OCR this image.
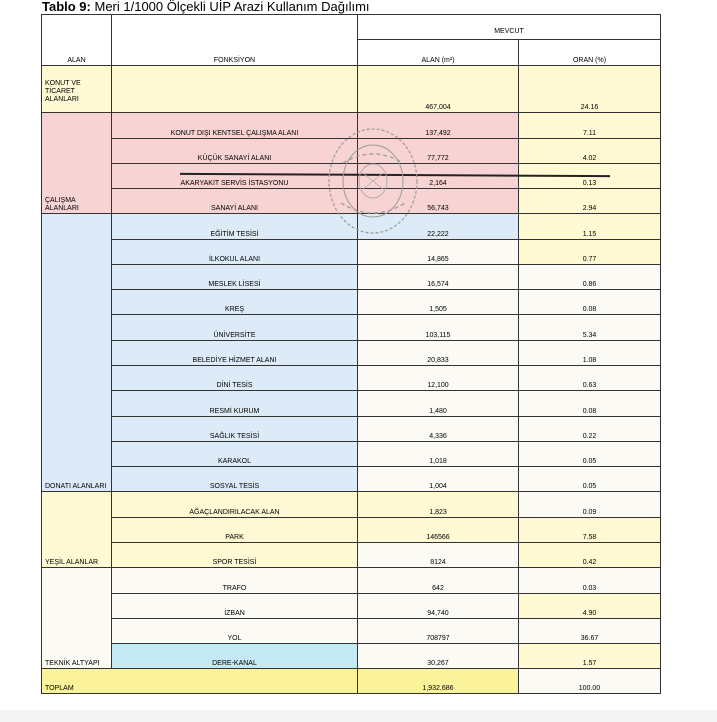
Tablo 9: Meri 1/1000 Ölçekli UİP Arazi Kullanım Dağılımı
ALAN	FONKSİYON	MEVCUT	
		ALAN (m²)	ORAN (%)
KONUT VE TİCARET ALANLARI		467,004	24.16
ÇALIŞMA ALANLARI	KONUT DIŞI KENTSEL ÇALIŞMA ALANI	137,492	7.11
	KÜÇÜK SANAYİ ALANI	77,772	4.02
	AKARYAKIT SERVİS İSTASYONU	2,164	0.13
	SANAYİ ALANI	56,743	2.94
DONATI ALANLARI	EĞİTİM TESİSİ	22,222	1.15
	İLKOKUL ALANI	14,865	0.77
	MESLEK LİSESİ	16,574	0.86
	KREŞ	1,505	0.08
	ÜNİVERSİTE	103,115	5.34
	BELEDİYE HİZMET ALANI	20,833	1.08
	DİNİ TESİS	12,100	0.63
	RESMİ KURUM	1,480	0.08
	SAĞLIK TESİSİ	4,336	0.22
	KARAKOL	1,018	0.05
	SOSYAL TESİS	1,004	0.05
YEŞİL ALANLAR	AĞAÇLANDIRILACAK ALAN	1,823	0.09
	PARK	146566	7.58
	SPOR TESİSİ	8124	0.42
TEKNİK ALTYAPI	TRAFO	642	0.03
	İZBAN	94,740	4.90
	YOL	708797	36.67
	DERE-KANAL	30,267	1.57
TOPLAM		1,932,686	100.00
